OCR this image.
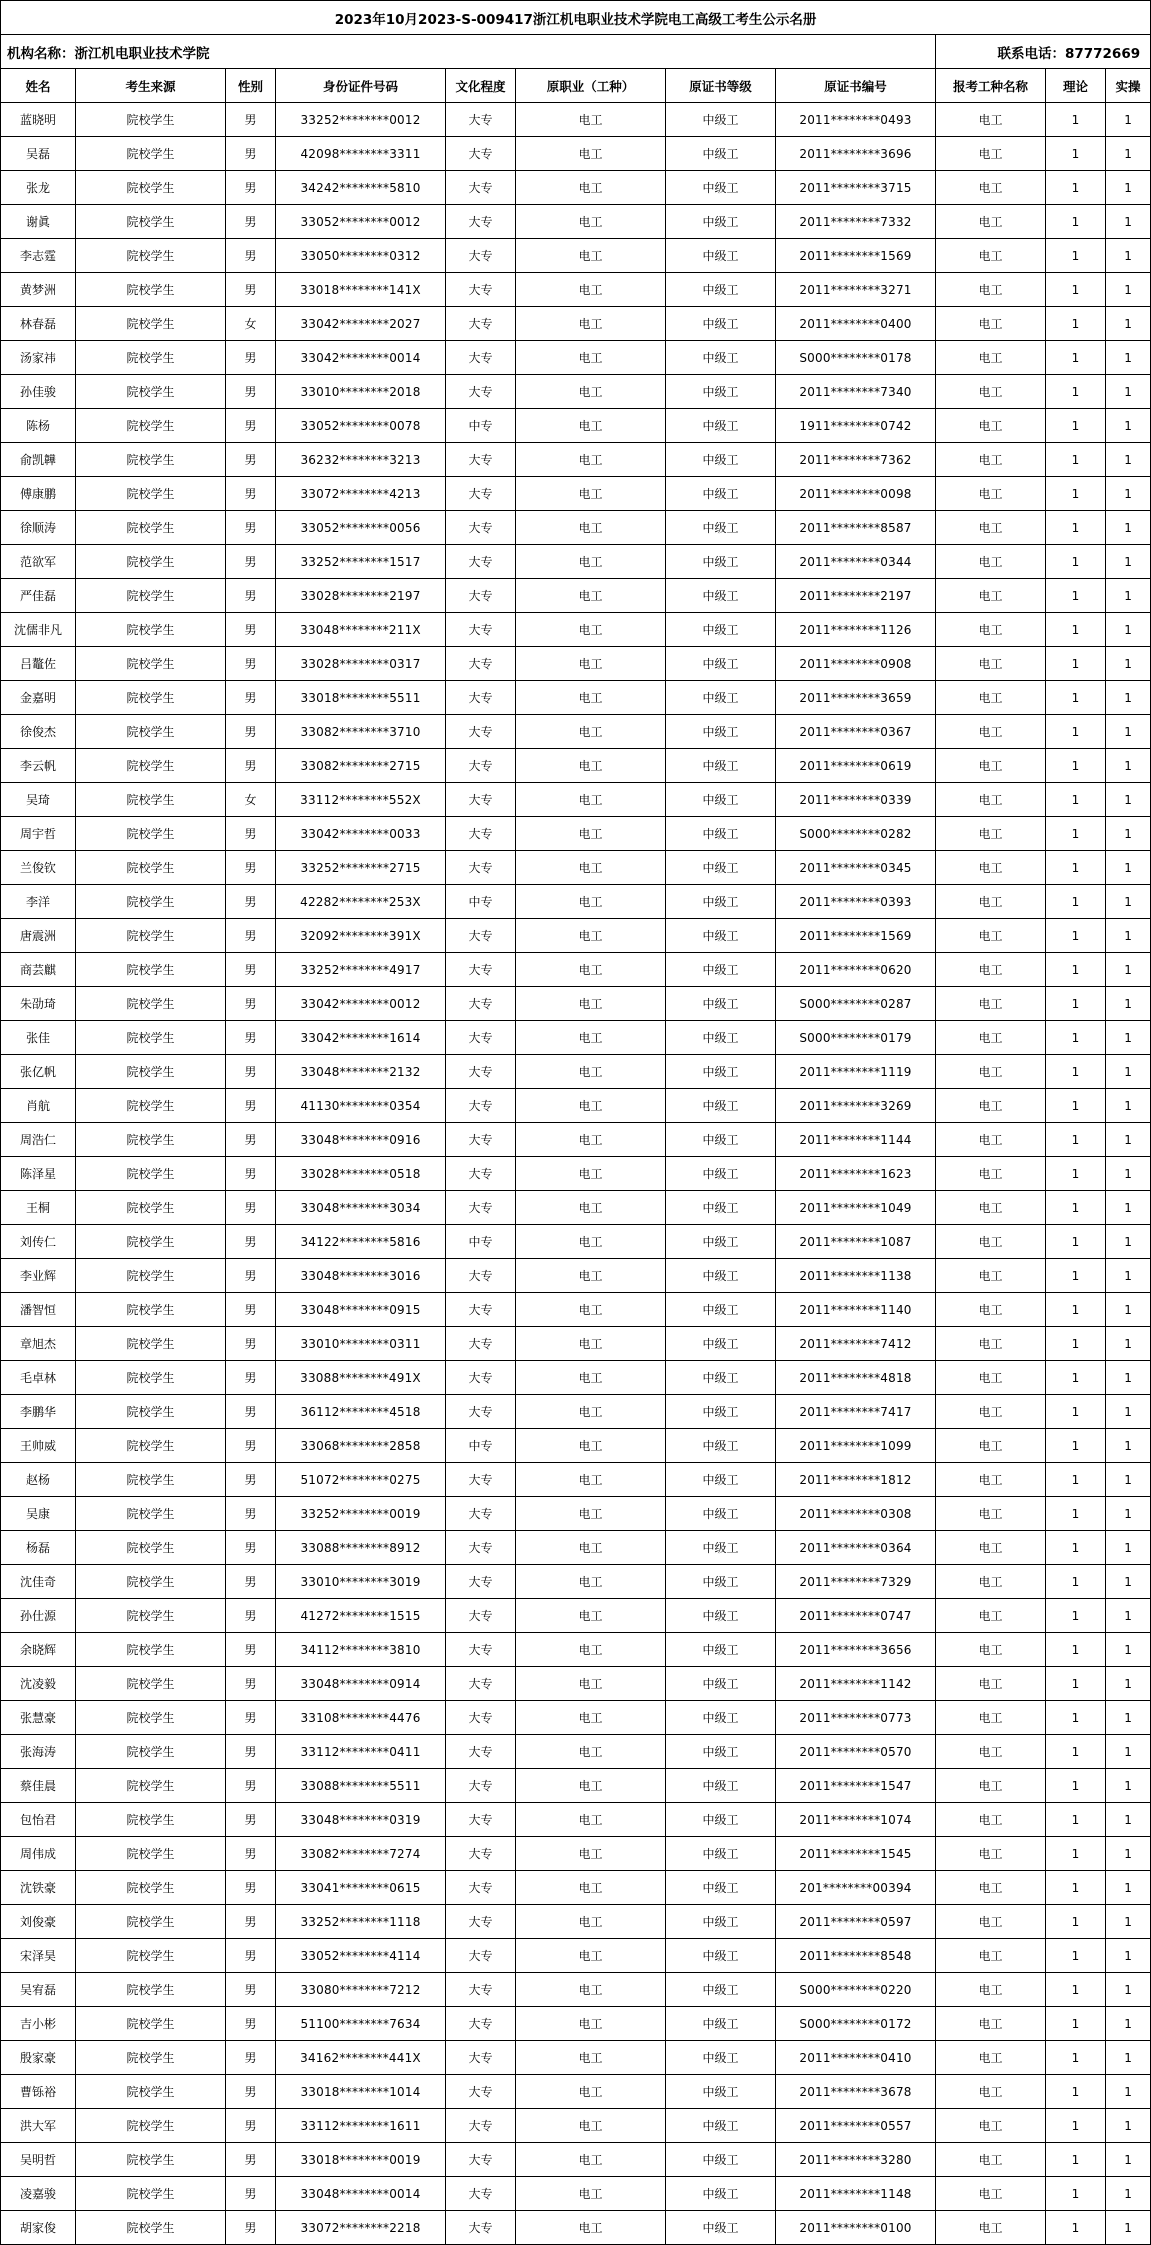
2023年10月2023-S-009417浙江机电职业技术学院电工高级工考生公示名册										
机构名称：浙江机电职业技术学院								联系电话：87772669		
姓名	考生来源	性别	身份证件号码	文化程度	原职业（工种）	原证书等级	原证书编号	报考工种名称	理论	实操
蓝晓明	院校学生	男	33252********0012	大专	电工	中级工	2011********0493	电工	1	1
吴磊	院校学生	男	42098********3311	大专	电工	中级工	2011********3696	电工	1	1
张龙	院校学生	男	34242********5810	大专	电工	中级工	2011********3715	电工	1	1
谢眞	院校学生	男	33052********0012	大专	电工	中级工	2011********7332	电工	1	1
李志霆	院校学生	男	33050********0312	大专	电工	中级工	2011********1569	电工	1	1
黄梦洲	院校学生	男	33018********141X	大专	电工	中级工	2011********3271	电工	1	1
林春磊	院校学生	女	33042********2027	大专	电工	中级工	2011********0400	电工	1	1
汤家祎	院校学生	男	33042********0014	大专	电工	中级工	S000********0178	电工	1	1
孙佳骏	院校学生	男	33010********2018	大专	电工	中级工	2011********7340	电工	1	1
陈杨	院校学生	男	33052********0078	中专	电工	中级工	1911********0742	电工	1	1
俞凯韡	院校学生	男	36232********3213	大专	电工	中级工	2011********7362	电工	1	1
傅康鹏	院校学生	男	33072********4213	大专	电工	中级工	2011********0098	电工	1	1
徐顺涛	院校学生	男	33052********0056	大专	电工	中级工	2011********8587	电工	1	1
范欲军	院校学生	男	33252********1517	大专	电工	中级工	2011********0344	电工	1	1
严佳磊	院校学生	男	33028********2197	大专	电工	中级工	2011********2197	电工	1	1
沈儒非凡	院校学生	男	33048********211X	大专	电工	中级工	2011********1126	电工	1	1
吕鼇佐	院校学生	男	33028********0317	大专	电工	中级工	2011********0908	电工	1	1
金嘉明	院校学生	男	33018********5511	大专	电工	中级工	2011********3659	电工	1	1
徐俊杰	院校学生	男	33082********3710	大专	电工	中级工	2011********0367	电工	1	1
李云帆	院校学生	男	33082********2715	大专	电工	中级工	2011********0619	电工	1	1
吴琦	院校学生	女	33112********552X	大专	电工	中级工	2011********0339	电工	1	1
周宇哲	院校学生	男	33042********0033	大专	电工	中级工	S000********0282	电工	1	1
兰俊钦	院校学生	男	33252********2715	大专	电工	中级工	2011********0345	电工	1	1
李洋	院校学生	男	42282********253X	中专	电工	中级工	2011********0393	电工	1	1
唐震洲	院校学生	男	32092********391X	大专	电工	中级工	2011********1569	电工	1	1
商芸麒	院校学生	男	33252********4917	大专	电工	中级工	2011********0620	电工	1	1
朱劭琦	院校学生	男	33042********0012	大专	电工	中级工	S000********0287	电工	1	1
张佳	院校学生	男	33042********1614	大专	电工	中级工	S000********0179	电工	1	1
张亿帆	院校学生	男	33048********2132	大专	电工	中级工	2011********1119	电工	1	1
肖航	院校学生	男	41130********0354	大专	电工	中级工	2011********3269	电工	1	1
周浩仁	院校学生	男	33048********0916	大专	电工	中级工	2011********1144	电工	1	1
陈泽星	院校学生	男	33028********0518	大专	电工	中级工	2011********1623	电工	1	1
王桐	院校学生	男	33048********3034	大专	电工	中级工	2011********1049	电工	1	1
刘传仁	院校学生	男	34122********5816	中专	电工	中级工	2011********1087	电工	1	1
李业辉	院校学生	男	33048********3016	大专	电工	中级工	2011********1138	电工	1	1
潘智恒	院校学生	男	33048********0915	大专	电工	中级工	2011********1140	电工	1	1
章旭杰	院校学生	男	33010********0311	大专	电工	中级工	2011********7412	电工	1	1
毛卓林	院校学生	男	33088********491X	大专	电工	中级工	2011********4818	电工	1	1
李鹏华	院校学生	男	36112********4518	大专	电工	中级工	2011********7417	电工	1	1
王帅威	院校学生	男	33068********2858	中专	电工	中级工	2011********1099	电工	1	1
赵杨	院校学生	男	51072********0275	大专	电工	中级工	2011********1812	电工	1	1
吴康	院校学生	男	33252********0019	大专	电工	中级工	2011********0308	电工	1	1
杨磊	院校学生	男	33088********8912	大专	电工	中级工	2011********0364	电工	1	1
沈佳奇	院校学生	男	33010********3019	大专	电工	中级工	2011********7329	电工	1	1
孙仕源	院校学生	男	41272********1515	大专	电工	中级工	2011********0747	电工	1	1
余晓辉	院校学生	男	34112********3810	大专	电工	中级工	2011********3656	电工	1	1
沈凌毅	院校学生	男	33048********0914	大专	电工	中级工	2011********1142	电工	1	1
张慧豪	院校学生	男	33108********4476	大专	电工	中级工	2011********0773	电工	1	1
张海涛	院校学生	男	33112********0411	大专	电工	中级工	2011********0570	电工	1	1
蔡佳晨	院校学生	男	33088********5511	大专	电工	中级工	2011********1547	电工	1	1
包怡君	院校学生	男	33048********0319	大专	电工	中级工	2011********1074	电工	1	1
周伟成	院校学生	男	33082********7274	大专	电工	中级工	2011********1545	电工	1	1
沈铁豪	院校学生	男	33041********0615	大专	电工	中级工	201********00394	电工	1	1
刘俊豪	院校学生	男	33252********1118	大专	电工	中级工	2011********0597	电工	1	1
宋泽昊	院校学生	男	33052********4114	大专	电工	中级工	2011********8548	电工	1	1
吴宥磊	院校学生	男	33080********7212	大专	电工	中级工	S000********0220	电工	1	1
吉小彬	院校学生	男	51100********7634	大专	电工	中级工	S000********0172	电工	1	1
殷家豪	院校学生	男	34162********441X	大专	电工	中级工	2011********0410	电工	1	1
曹铄裕	院校学生	男	33018********1014	大专	电工	中级工	2011********3678	电工	1	1
洪大军	院校学生	男	33112********1611	大专	电工	中级工	2011********0557	电工	1	1
吴明哲	院校学生	男	33018********0019	大专	电工	中级工	2011********3280	电工	1	1
凌嘉骏	院校学生	男	33048********0014	大专	电工	中级工	2011********1148	电工	1	1
胡家俊	院校学生	男	33072********2218	大专	电工	中级工	2011********0100	电工	1	1
